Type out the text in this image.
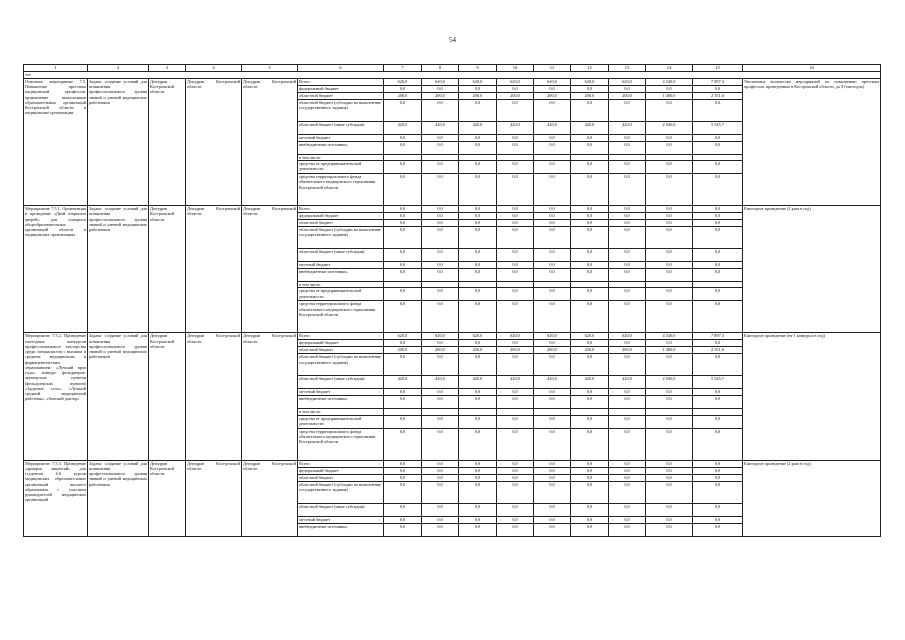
54
1	2	3	4	5	6	7	8	9	10	11	12	13	14	15	16
тет															
Основное мероприятие 7.5. Повышение престижа медицинской профессии, привлечение выпускников образовательных организаций Костромской области в медицинские организации	Задача: создание условий для повышения профессионального уровня знаний и умений медицинских работников	Депздрав Костромской области	Депздрав Костромской области	Депздрав Костромской области	Всего:	620,0	620,0	620,0	620,0	620,0	620,0	620,0	4 340,0	7 897,3	Увеличение количества мероприятий по повышению престижа профессии, проведенных в Костромской области, до 8 (ежегодно)
					федеральный бюджет	0,0	0,0	0,0	0,0	0,0	0,0	0,0	0,0	0,0	
					областной бюджет	200,0	200,0	200,0	200,0	200,0	200,0	200,0	1 400,0	2 351,6	
					областной бюджет (субсидии на выполнение государственного задания)	0,0	0,0	0,0	0,0	0,0	0,0	0,0	0,0	0,0	
					областной бюджет (иные субсидии)	420,0	420,0	420,0	420,0	420,0	420,0	420,0	2 940,0	5 545,7	
					местный бюджет	0,0	0,0	0,0	0,0	0,0	0,0	0,0	0,0	0,0	
					внебюджетные источники,	0,0	0,0	0,0	0,0	0,0	0,0	0,0	0,0	0,0	
					в том числе:										
					средства от предпринимательской деятельности	0,0	0,0	0,0	0,0	0,0	0,0	0,0	0,0	0,0	
					средства территориального фонда обязательного медицинского страхования Костромской области	0,0	0,0	0,0	0,0	0,0	0,0	0,0	0,0	0,0	
Мероприятие 7.5.1. Организация и проведение «Дней открытых дверей» для учащихся общеобразовательных организаций области в медицинских организациях	Задача: создание условий для повышения профессионального уровня знаний и умений медицинских работников	Депздрав Костромской области	Депздрав Костромской области	Депздрав Костромской области	Всего:	0,0	0,0	0,0	0,0	0,0	0,0	0,0	0,0	0,0	Ежегодное проведение (2 раза в год)
					федеральный бюджет	0,0	0,0	0,0	0,0	0,0	0,0	0,0	0,0	0,0	
					областной бюджет	0,0	0,0	0,0	0,0	0,0	0,0	0,0	0,0	0,0	
					областной бюджет (субсидии на выполнение государственного задания)	0,0	0,0	0,0	0,0	0,0	0,0	0,0	0,0	0,0	
					областной бюджет (иные субсидии)	0,0	0,0	0,0	0,0	0,0	0,0	0,0	0,0	0,0	
					местный бюджет	0,0	0,0	0,0	0,0	0,0	0,0	0,0	0,0	0,0	
					внебюджетные источники,	0,0	0,0	0,0	0,0	0,0	0,0	0,0	0,0	0,0	
					в том числе:										
					средства от предпринимательской деятельности	0,0	0,0	0,0	0,0	0,0	0,0	0,0	0,0	0,0	
					средства территориального фонда обязательного медицинского страхования Костромской области	0,0	0,0	0,0	0,0	0,0	0,0	0,0	0,0	0,0	
Мероприятие 7.5.2. Проведение ежегодных конкурсов профессионального мастерства среди специалистов с высшим и средним медицинским и фармацевтическим образованием: «Лучший врач года», конкурс фельдшеров-акушерских пунктов (фельдшерских пунктов) «Здоровое село», «Лучший средний медицинский работник», «Земский доктор»	Задача: создание условий для повышения профессионального уровня знаний и умений медицинских работников	Депздрав Костромской области	Депздрав Костромской области	Депздрав Костромской области	Всего:	620,0	620,0	620,0	620,0	620,0	620,0	620,0	4 340,0	7 897,3	Ежегодное проведение (не 1 конкурса в год)
					федеральный бюджет	0,0	0,0	0,0	0,0	0,0	0,0	0,0	0,0	0,0	
					областной бюджет	200,0	200,0	200,0	200,0	200,0	200,0	200,0	1 400,0	2 351,6	
					областной бюджет (субсидии на выполнение государственного задания)	0,0	0,0	0,0	0,0	0,0	0,0	0,0	0,0	0,0	
					областной бюджет (иные субсидии)	420,0	420,0	420,0	420,0	420,0	420,0	420,0	2 940,0	5 545,7	
					местный бюджет	0,0	0,0	0,0	0,0	0,0	0,0	0,0	0,0	0,0	
					внебюджетные источники,	0,0	0,0	0,0	0,0	0,0	0,0	0,0	0,0	0,0	
					в том числе:										
					средства от предпринимательской деятельности	0,0	0,0	0,0	0,0	0,0	0,0	0,0	0,0	0,0	
					средства территориального фонда обязательного медицинского страхования Костромской области	0,0	0,0	0,0	0,0	0,0	0,0	0,0	0,0	0,0	
Мероприятие 7.5.3. Проведение «ярмарок вакансий» для студентов 4-6 курсов медицинских образовательных организаций высшего образования с участием руководителей медицинских организаций	Задача: создание условий для повышения профессионального уровня знаний и умений медицинских работников	Депздрав Костромской области	Депздрав Костромской области	Депздрав Костромской области	Всего:	0,0	0,0	0,0	0,0	0,0	0,0	0,0	0,0	0,0	Ежегодное проведение (2 раза в год)
					федеральный бюджет	0,0	0,0	0,0	0,0	0,0	0,0	0,0	0,0	0,0	
					областной бюджет	0,0	0,0	0,0	0,0	0,0	0,0	0,0	0,0	0,0	
					областной бюджет (субсидии на выполнение государственного задания)	0,0	0,0	0,0	0,0	0,0	0,0	0,0	0,0	0,0	
					областной бюджет (иные субсидии)	0,0	0,0	0,0	0,0	0,0	0,0	0,0	0,0	0,0	
					местный бюджет	0,0	0,0	0,0	0,0	0,0	0,0	0,0	0,0	0,0	
					внебюджетные источники,	0,0	0,0	0,0	0,0	0,0	0,0	0,0	0,0	0,0	
